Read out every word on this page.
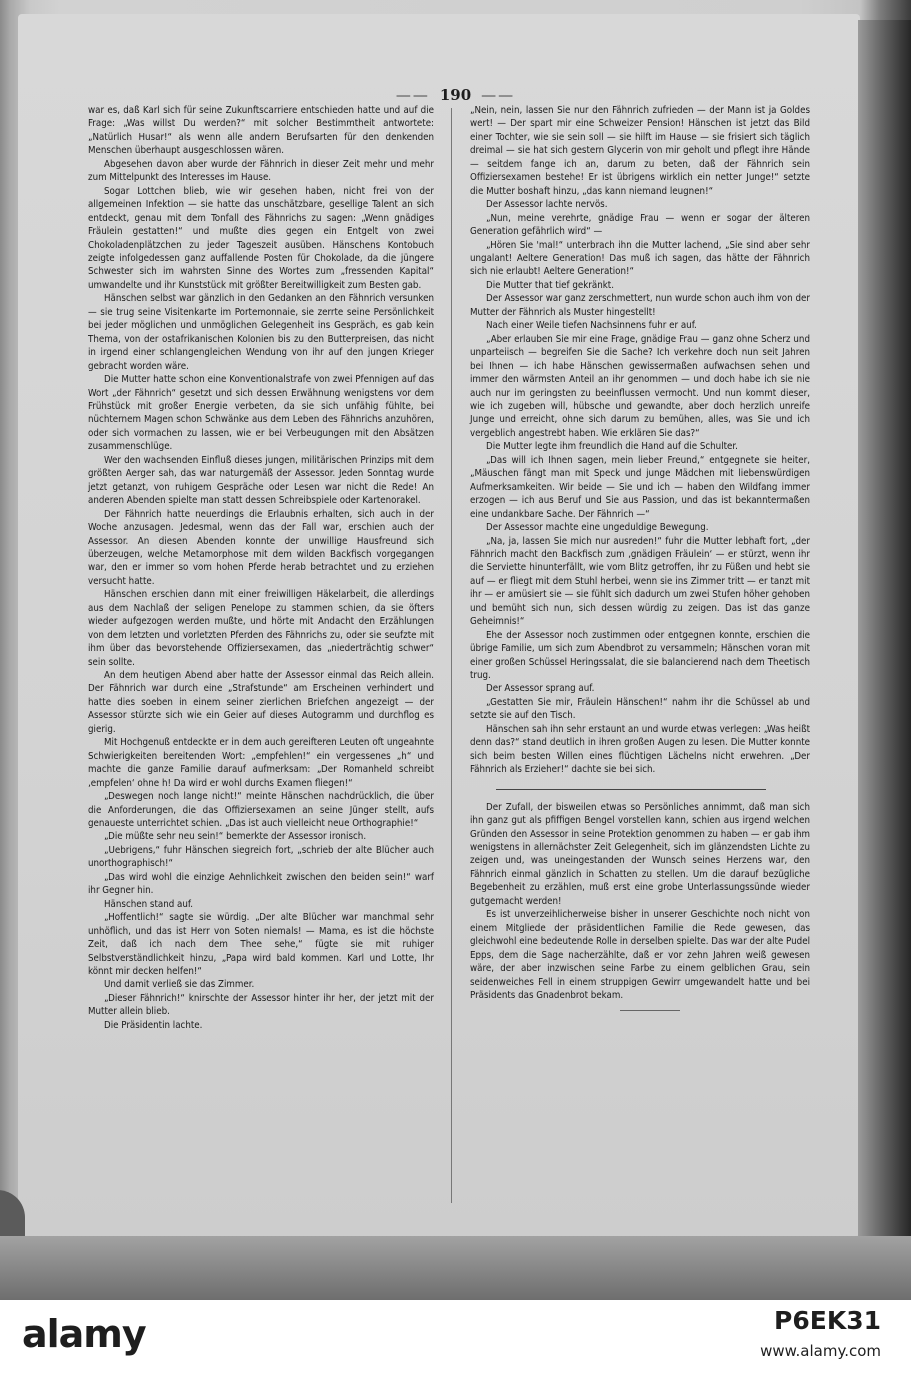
—— 190 ——

war es, daß Karl sich für seine Zukunftscarriere entschieden hatte und auf die Frage: „Was willst Du werden?“ mit solcher Bestimmtheit antwortete: „Natürlich Husar!“ als wenn alle andern Berufsarten für den denkenden Menschen überhaupt ausgeschlossen wären.

Abgesehen davon aber wurde der Fähnrich in dieser Zeit mehr und mehr zum Mittelpunkt des Interesses im Hause.

Sogar Lottchen blieb, wie wir gesehen haben, nicht frei von der allgemeinen Infektion — sie hatte das unschätzbare, gesellige Talent an sich entdeckt, genau mit dem Tonfall des Fähnrichs zu sagen: „Wenn gnädiges Fräulein gestatten!“ und mußte dies gegen ein Entgelt von zwei Chokoladenplätzchen zu jeder Tageszeit ausüben. Hänschens Kontobuch zeigte infolgedessen ganz auffallende Posten für Chokolade, da die jüngere Schwester sich im wahrsten Sinne des Wortes zum „fressenden Kapital“ umwandelte und ihr Kunststück mit größter Bereitwilligkeit zum Besten gab.

Hänschen selbst war gänzlich in den Gedanken an den Fähnrich versunken — sie trug seine Visitenkarte im Portemonnaie, sie zerrte seine Persönlichkeit bei jeder möglichen und unmöglichen Gelegenheit ins Gespräch, es gab kein Thema, von der ostafrikanischen Kolonien bis zu den Butterpreisen, das nicht in irgend einer schlangengleichen Wendung von ihr auf den jungen Krieger gebracht worden wäre.

Die Mutter hatte schon eine Konventionalstrafe von zwei Pfennigen auf das Wort „der Fähnrich“ gesetzt und sich dessen Erwähnung wenigstens vor dem Frühstück mit großer Energie verbeten, da sie sich unfähig fühlte, bei nüchternem Magen schon Schwänke aus dem Leben des Fähnrichs anzuhören, oder sich vormachen zu lassen, wie er bei Verbeugungen mit den Absätzen zusammenschlüge.

Wer den wachsenden Einfluß dieses jungen, militärischen Prinzips mit dem größten Aerger sah, das war naturgemäß der Assessor. Jeden Sonntag wurde jetzt getanzt, von ruhigem Gespräche oder Lesen war nicht die Rede! An anderen Abenden spielte man statt dessen Schreibspiele oder Kartenorakel.

Der Fähnrich hatte neuerdings die Erlaubnis erhalten, sich auch in der Woche anzusagen. Jedesmal, wenn das der Fall war, erschien auch der Assessor. An diesen Abenden konnte der unwillige Hausfreund sich überzeugen, welche Metamorphose mit dem wilden Backfisch vorgegangen war, den er immer so vom hohen Pferde herab betrachtet und zu erziehen versucht hatte.

Hänschen erschien dann mit einer freiwilligen Häkelarbeit, die allerdings aus dem Nachlaß der seligen Penelope zu stammen schien, da sie öfters wieder aufgezogen werden mußte, und hörte mit Andacht den Erzählungen von dem letzten und vorletzten Pferden des Fähnrichs zu, oder sie seufzte mit ihm über das bevorstehende Offiziersexamen, das „niederträchtig schwer“ sein sollte.

An dem heutigen Abend aber hatte der Assessor einmal das Reich allein. Der Fähnrich war durch eine „Strafstunde“ am Erscheinen verhindert und hatte dies soeben in einem seiner zierlichen Briefchen angezeigt — der Assessor stürzte sich wie ein Geier auf dieses Autogramm und durchflog es gierig.

Mit Hochgenuß entdeckte er in dem auch gereifteren Leuten oft ungeahnte Schwierigkeiten bereitenden Wort: „empfehlen!“ ein vergessenes „h“ und machte die ganze Familie darauf aufmerksam: „Der Romanheld schreibt ‚empfelen‘ ohne h! Da wird er wohl durchs Examen fliegen!“

„Deswegen noch lange nicht!“ meinte Hänschen nachdrücklich, die über die Anforderungen, die das Offiziersexamen an seine Jünger stellt, aufs genaueste unterrichtet schien. „Das ist auch vielleicht neue Orthographie!“

„Die müßte sehr neu sein!“ bemerkte der Assessor ironisch.

„Uebrigens,“ fuhr Hänschen siegreich fort, „schrieb der alte Blücher auch unorthographisch!“

„Das wird wohl die einzige Aehnlichkeit zwischen den beiden sein!“ warf ihr Gegner hin.

Hänschen stand auf.

„Hoffentlich!“ sagte sie würdig. „Der alte Blücher war manchmal sehr unhöflich, und das ist Herr von Soten niemals! — Mama, es ist die höchste Zeit, daß ich nach dem Thee sehe,“ fügte sie mit ruhiger Selbstverständlichkeit hinzu, „Papa wird bald kommen. Karl und Lotte, Ihr könnt mir decken helfen!“

Und damit verließ sie das Zimmer.

„Dieser Fähnrich!“ knirschte der Assessor hinter ihr her, der jetzt mit der Mutter allein blieb.

Die Präsidentin lachte.

„Nein, nein, lassen Sie nur den Fähnrich zufrieden — der Mann ist ja Goldes wert! — Der spart mir eine Schweizer Pension! Hänschen ist jetzt das Bild einer Tochter, wie sie sein soll — sie hilft im Hause — sie frisiert sich täglich dreimal — sie hat sich gestern Glycerin von mir geholt und pflegt ihre Hände — seitdem fange ich an, darum zu beten, daß der Fähnrich sein Offiziersexamen bestehe! Er ist übrigens wirklich ein netter Junge!“ setzte die Mutter boshaft hinzu, „das kann niemand leugnen!“

Der Assessor lachte nervös.

„Nun, meine verehrte, gnädige Frau — wenn er sogar der älteren Generation gefährlich wird“ —

„Hören Sie 'mal!“ unterbrach ihn die Mutter lachend, „Sie sind aber sehr ungalant! Aeltere Generation! Das muß ich sagen, das hätte der Fähnrich sich nie erlaubt! Aeltere Generation!“

Die Mutter that tief gekränkt.

Der Assessor war ganz zerschmettert, nun wurde schon auch ihm von der Mutter der Fähnrich als Muster hingestellt!

Nach einer Weile tiefen Nachsinnens fuhr er auf.

„Aber erlauben Sie mir eine Frage, gnädige Frau — ganz ohne Scherz und unparteiisch — begreifen Sie die Sache? Ich verkehre doch nun seit Jahren bei Ihnen — ich habe Hänschen gewissermaßen aufwachsen sehen und immer den wärmsten Anteil an ihr genommen — und doch habe ich sie nie auch nur im geringsten zu beeinflussen vermocht. Und nun kommt dieser, wie ich zugeben will, hübsche und gewandte, aber doch herzlich unreife Junge und erreicht, ohne sich darum zu bemühen, alles, was Sie und ich vergeblich angestrebt haben. Wie erklären Sie das?“

Die Mutter legte ihm freundlich die Hand auf die Schulter.

„Das will ich Ihnen sagen, mein lieber Freund,“ entgegnete sie heiter, „Mäuschen fängt man mit Speck und junge Mädchen mit liebenswürdigen Aufmerksamkeiten. Wir beide — Sie und ich — haben den Wildfang immer erzogen — ich aus Beruf und Sie aus Passion, und das ist bekanntermaßen eine undankbare Sache. Der Fähnrich —“

Der Assessor machte eine ungeduldige Bewegung.

„Na, ja, lassen Sie mich nur ausreden!“ fuhr die Mutter lebhaft fort, „der Fähnrich macht den Backfisch zum ‚gnädigen Fräulein‘ — er stürzt, wenn ihr die Serviette hinunterfällt, wie vom Blitz getroffen, ihr zu Füßen und hebt sie auf — er fliegt mit dem Stuhl herbei, wenn sie ins Zimmer tritt — er tanzt mit ihr — er amüsiert sie — sie fühlt sich dadurch um zwei Stufen höher gehoben und bemüht sich nun, sich dessen würdig zu zeigen. Das ist das ganze Geheimnis!“

Ehe der Assessor noch zustimmen oder entgegnen konnte, erschien die übrige Familie, um sich zum Abendbrot zu versammeln; Hänschen voran mit einer großen Schüssel Heringssalat, die sie balancierend nach dem Theetisch trug.

Der Assessor sprang auf.

„Gestatten Sie mir, Fräulein Hänschen!“ nahm ihr die Schüssel ab und setzte sie auf den Tisch.

Hänschen sah ihn sehr erstaunt an und wurde etwas verlegen: „Was heißt denn das?“ stand deutlich in ihren großen Augen zu lesen. Die Mutter konnte sich beim besten Willen eines flüchtigen Lächelns nicht erwehren. „Der Fähnrich als Erzieher!“ dachte sie bei sich.

Der Zufall, der bisweilen etwas so Persönliches annimmt, daß man sich ihn ganz gut als pfiffigen Bengel vorstellen kann, schien aus irgend welchen Gründen den Assessor in seine Protektion genommen zu haben — er gab ihm wenigstens in allernächster Zeit Gelegenheit, sich im glänzendsten Lichte zu zeigen und, was uneingestanden der Wunsch seines Herzens war, den Fähnrich einmal gänzlich in Schatten zu stellen. Um die darauf bezügliche Begebenheit zu erzählen, muß erst eine grobe Unterlassungssünde wieder gutgemacht werden!

Es ist unverzeihlicherweise bisher in unserer Geschichte noch nicht von einem Mitgliede der präsidentlichen Familie die Rede gewesen, das gleichwohl eine bedeutende Rolle in derselben spielte. Das war der alte Pudel Epps, dem die Sage nacherzählte, daß er vor zehn Jahren weiß gewesen wäre, der aber inzwischen seine Farbe zu einem gelblichen Grau, sein seidenweiches Fell in einem struppigen Gewirr umgewandelt hatte und bei Präsidents das Gnadenbrot bekam.

alamy	P6EK31
www.alamy.com
